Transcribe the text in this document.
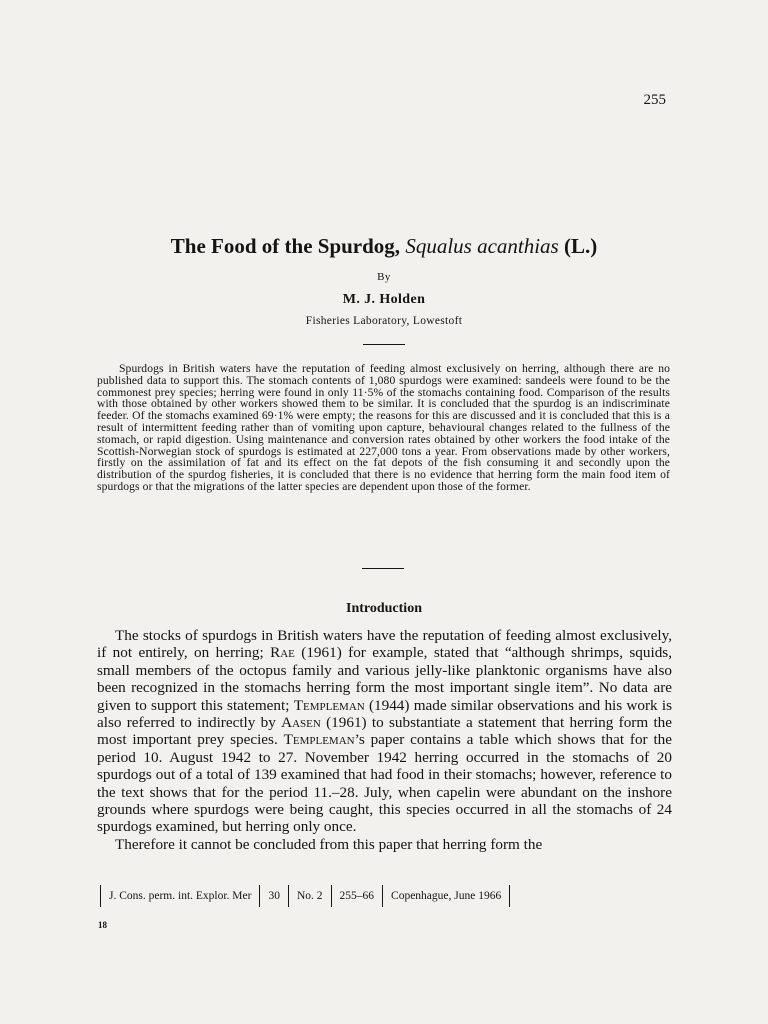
255
The Food of the Spurdog, Squalus acanthias (L.)
By
M. J. Holden
Fisheries Laboratory, Lowestoft

Spurdogs in British waters have the reputation of feeding almost exclusively on herring, although there are no published data to support this. The stomach contents of 1,080 spurdogs were examined: sandeels were found to be the commonest prey species; herring were found in only 11·5% of the stomachs containing food. Comparison of the results with those obtained by other workers showed them to be similar. It is concluded that the spurdog is an indiscriminate feeder. Of the stomachs examined 69·1% were empty; the reasons for this are discussed and it is concluded that this is a result of intermittent feeding rather than of vomiting upon capture, behavioural changes related to the fullness of the stomach, or rapid digestion. Using maintenance and conversion rates obtained by other workers the food intake of the Scottish-Norwegian stock of spurdogs is estimated at 227,000 tons a year. From observations made by other workers, firstly on the assimilation of fat and its effect on the fat depots of the fish consuming it and secondly upon the distribution of the spurdog fisheries, it is concluded that there is no evidence that herring form the main food item of spurdogs or that the migrations of the latter species are dependent upon those of the former.

Introduction

The stocks of spurdogs in British waters have the reputation of feeding almost exclusively, if not entirely, on herring; Rae (1961) for example, stated that “although shrimps, squids, small members of the octopus family and various jelly-like planktonic organisms have also been recognized in the stomachs herring form the most important single item”. No data are given to support this statement; Templeman (1944) made similar observations and his work is also referred to indirectly by Aasen (1961) to substantiate a statement that herring form the most important prey species. Templeman’s paper contains a table which shows that for the period 10. August 1942 to 27. November 1942 herring occurred in the stomachs of 20 spurdogs out of a total of 139 examined that had food in their stomachs; however, reference to the text shows that for the period 11.–28. July, when capelin were abundant on the inshore grounds where spurdogs were being caught, this species occurred in all the stomachs of 24 spurdogs examined, but herring only once.

Therefore it cannot be concluded from this paper that herring form the

J. Cons. perm. int. Explor. Mer	30	No. 2	255–66	Copenhague, June 1966
18
